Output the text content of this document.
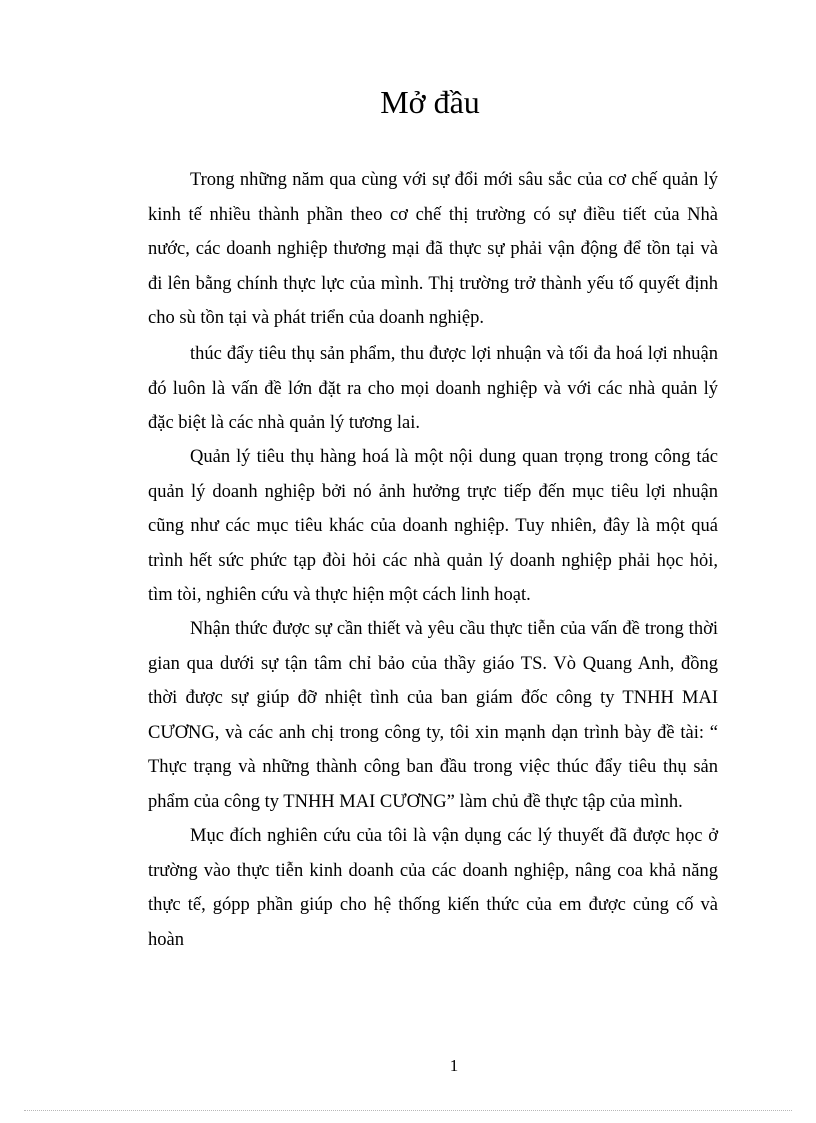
Mở đầu

Trong những năm qua cùng với sự đổi mới sâu sắc của cơ chế quản lý kinh tế nhiều thành phần theo cơ chế thị trường có sự điều tiết của Nhà nước, các doanh nghiệp thương mại đã thực sự phải vận động để tồn tại và đi lên bằng chính thực lực của mình. Thị trường trở thành yếu tố quyết định cho sù tồn tại và phát triển của doanh nghiệp.

thúc đẩy tiêu thụ sản phẩm, thu được lợi nhuận và tối đa hoá lợi nhuận đó luôn là vấn đề lớn đặt ra cho mọi doanh nghiệp và với các nhà quản lý đặc biệt là các nhà quản lý tương lai.

Quản lý tiêu thụ hàng hoá là một nội dung quan trọng trong công tác quản lý doanh nghiệp bởi nó ảnh hưởng trực tiếp đến mục tiêu lợi nhuận cũng như các mục tiêu khác của doanh nghiệp. Tuy nhiên, đây là một quá trình hết sức phức tạp đòi hỏi các nhà quản lý doanh nghiệp phải học hỏi, tìm tòi, nghiên cứu và thực hiện một cách linh hoạt.

Nhận thức được sự cần thiết và yêu cầu thực tiễn của vấn đề trong thời gian qua dưới sự tận tâm chỉ bảo của thầy giáo TS. Vò Quang Anh, đồng thời được sự giúp đỡ nhiệt tình của ban giám đốc công ty TNHH MAI CƯƠNG, và các anh chị trong công ty, tôi xin mạnh dạn trình bày đề tài: “ Thực trạng và những thành công ban đầu trong việc thúc đẩy tiêu thụ sản phẩm của công ty TNHH MAI CƯƠNG” làm chủ đề thực tập của mình.

Mục đích nghiên cứu của tôi là vận dụng các lý thuyết đã được học ở trường vào thực tiễn kinh doanh của các doanh nghiệp, nâng coa khả năng thực tế, gópp phần giúp cho hệ thống kiến thức của em được củng cố và hoàn

1
